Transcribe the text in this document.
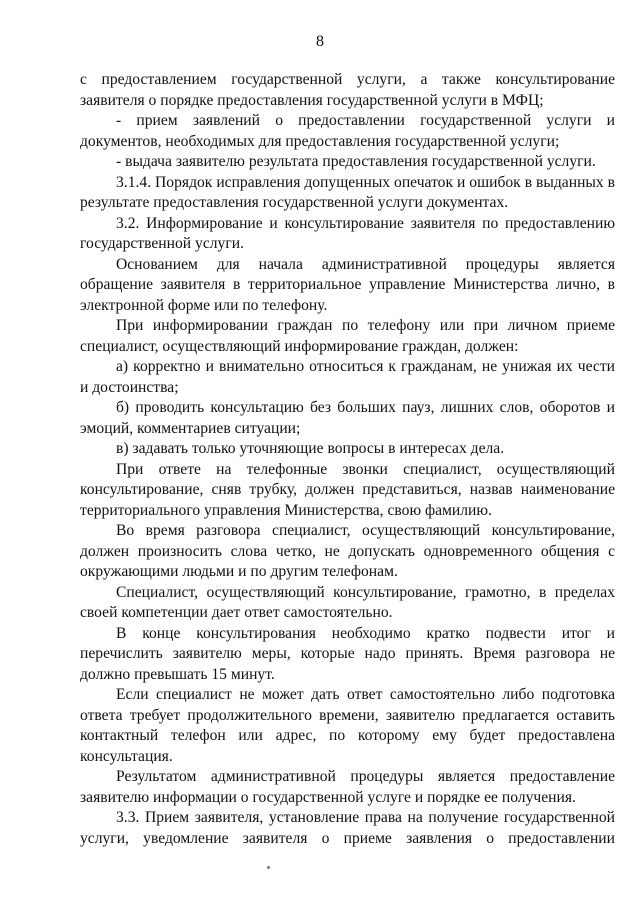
8

с предоставлением государственной услуги, а также консультирование заявителя о порядке предоставления государственной услуги в МФЦ;

- прием заявлений о предоставлении государственной услуги и документов, необходимых для предоставления государственной услуги;

- выдача заявителю результата предоставления государственной услуги.

3.1.4. Порядок исправления допущенных опечаток и ошибок в выданных в результате предоставления государственной услуги документах.

3.2. Информирование и консультирование заявителя по предоставлению государственной услуги.

Основанием для начала административной процедуры является обращение заявителя в территориальное управление Министерства лично, в электронной форме или по телефону.

При информировании граждан по телефону или при личном приеме специалист, осуществляющий информирование граждан, должен:

а) корректно и внимательно относиться к гражданам, не унижая их чести и достоинства;

б) проводить консультацию без больших пауз, лишних слов, оборотов и эмоций, комментариев ситуации;

в) задавать только уточняющие вопросы в интересах дела.

При ответе на телефонные звонки специалист, осуществляющий консультирование, сняв трубку, должен представиться, назвав наименование территориального управления Министерства, свою фамилию.

Во время разговора специалист, осуществляющий консультирование, должен произносить слова четко, не допускать одновременного общения с окружающими людьми и по другим телефонам.

Специалист, осуществляющий консультирование, грамотно, в пределах своей компетенции дает ответ самостоятельно.

В конце консультирования необходимо кратко подвести итог и перечислить заявителю меры, которые надо принять. Время разговора не должно превышать 15 минут.

Если специалист не может дать ответ самостоятельно либо подготовка ответа требует продолжительного времени, заявителю предлагается оставить контактный телефон или адрес, по которому ему будет предоставлена консультация.

Результатом административной процедуры является предоставление заявителю информации о государственной услуге и порядке ее получения.

3.3. Прием заявителя, установление права на получение государственной услуги, уведомление заявителя о приеме заявления о предоставлении
